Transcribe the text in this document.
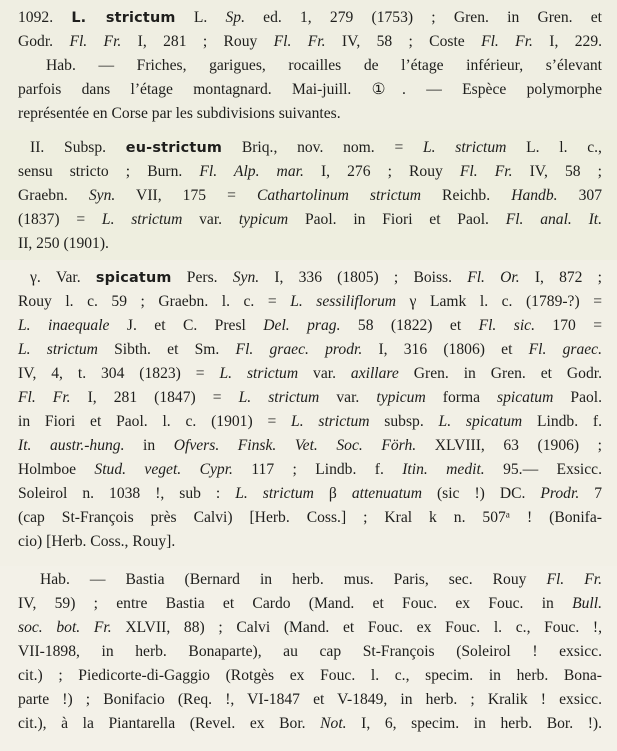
1092. L. strictum L. Sp. ed. 1, 279 (1753) ; Gren. in Gren. et
Godr. Fl. Fr. I, 281 ; Rouy Fl. Fr. IV, 58 ; Coste Fl. Fr. I, 229.
Hab. — Friches, garigues, rocailles de l’étage inférieur, s’élevant
parfois dans l’étage montagnard. Mai-juill. ①. — Espèce polymorphe
représentée en Corse par les subdivisions suivantes.
II. Subsp. eu-strictum Briq., nov. nom. = L. strictum L. l. c.,
sensu stricto ; Burn. Fl. Alp. mar. I, 276 ; Rouy Fl. Fr. IV, 58 ;
Graebn. Syn. VII, 175 = Cathartolinum strictum Reichb. Handb. 307
(1837) = L. strictum var. typicum Paol. in Fiori et Paol. Fl. anal. It.
II, 250 (1901).
γ. Var. spicatum Pers. Syn. I, 336 (1805) ; Boiss. Fl. Or. I, 872 ;
Rouy l. c. 59 ; Graebn. l. c. = L. sessiliflorum γ Lamk l. c. (1789-?) =
L. inaequale J. et C. Presl Del. prag. 58 (1822) et Fl. sic. 170 =
L. strictum Sibth. et Sm. Fl. graec. prodr. I, 316 (1806) et Fl. graec.
IV, 4, t. 304 (1823) = L. strictum var. axillare Gren. in Gren. et Godr.
Fl. Fr. I, 281 (1847) = L. strictum var. typicum forma spicatum Paol.
in Fiori et Paol. l. c. (1901) = L. strictum subsp. L. spicatum Lindb. f.
It. austr.-hung. in Ofvers. Finsk. Vet. Soc. Förh. XLVIII, 63 (1906) ;
Holmboe Stud. veget. Cypr. 117 ; Lindb. f. Itin. medit. 95.— Exsicc.
Soleirol n. 1038 !, sub : L. strictum β attenuatum (sic !) DC. Prodr. 7
(cap St-François près Calvi) [Herb. Coss.] ; Kral k n. 507ᵃ ! (Bonifa-
cio) [Herb. Coss., Rouy].
Hab. — Bastia (Bernard in herb. mus. Paris, sec. Rouy Fl. Fr.
IV, 59) ; entre Bastia et Cardo (Mand. et Fouc. ex Fouc. in Bull.
soc. bot. Fr. XLVII, 88) ; Calvi (Mand. et Fouc. ex Fouc. l. c., Fouc. !,
VII-1898, in herb. Bonaparte), au cap St-François (Soleirol ! exsicc.
cit.) ; Piedicorte-di-Gaggio (Rotgès ex Fouc. l. c., specim. in herb. Bona-
parte !) ; Bonifacio (Req. !, VI-1847 et V-1849, in herb. ; Kralik ! exsicc.
cit.), à la Piantarella (Revel. ex Bor. Not. I, 6, specim. in herb. Bor. !).
